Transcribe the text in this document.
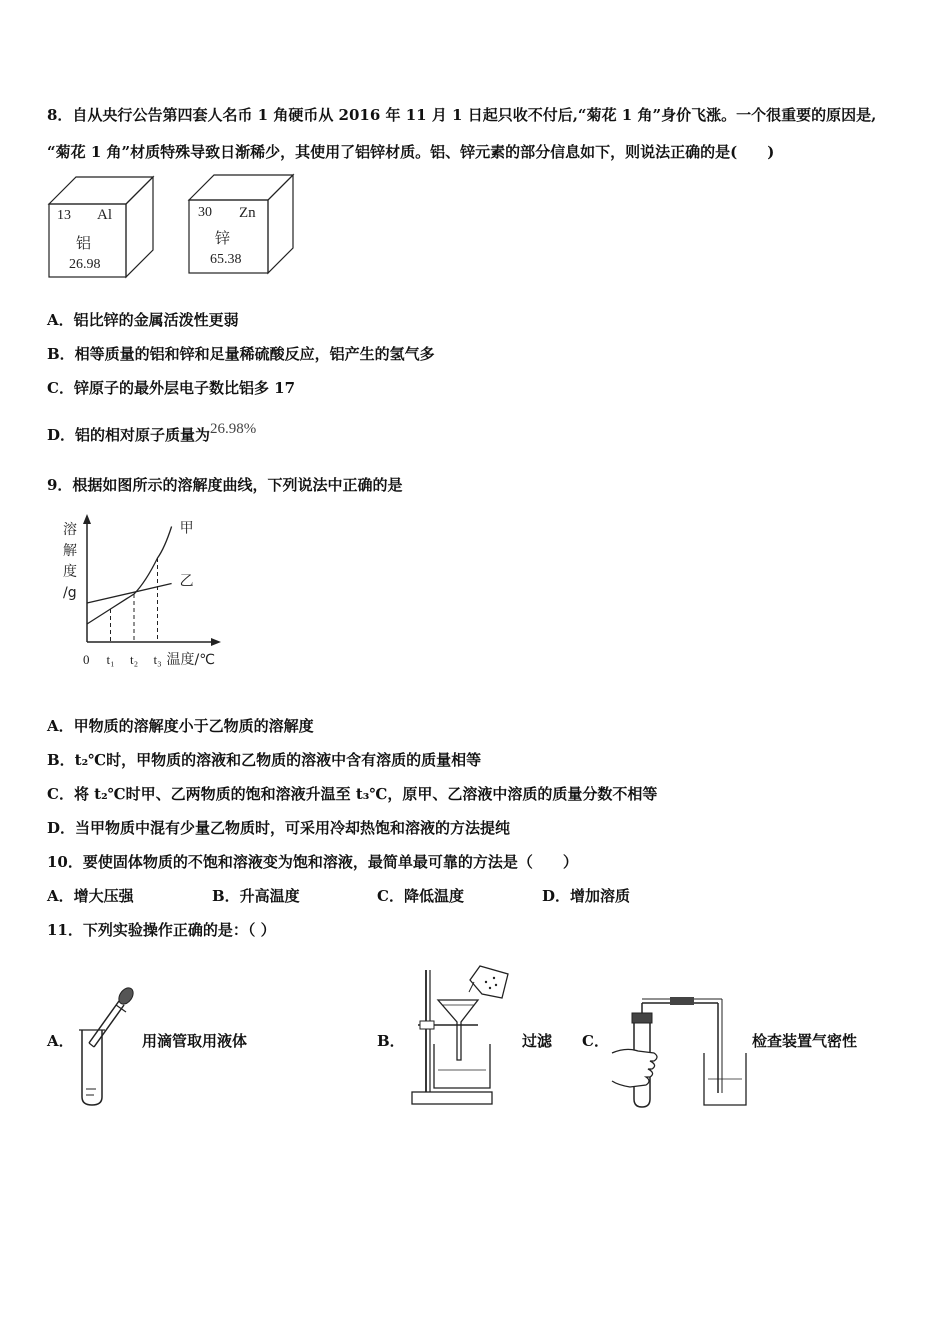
8．自从央行公告第四套人名币 1 角硬币从 2016 年 11 月 1 日起只收不付后,“菊花 1 角”身价飞涨。一个很重要的原因是,
“菊花 1 角”材质特殊导致日渐稀少，其使用了铝锌材质。铝、锌元素的部分信息如下，则说法正确的是(　　)
13 Al
铝
26.98
30 Zn
锌
65.38
A．铝比锌的金属活泼性更弱
B．相等质量的铝和锌和足量稀硫酸反应，铝产生的氢气多
C．锌原子的最外层电子数比铝多 17
D．铝的相对原子质量为26.98%
9．根据如图所示的溶解度曲线，下列说法中正确的是
溶
解
度
/g
0 t₁ t₂ t₃ 温度/℃
甲
乙
A．甲物质的溶解度小于乙物质的溶解度
B．t₂℃时，甲物质的溶液和乙物质的溶液中含有溶质的质量相等
C．将 t₂℃时甲、乙两物质的饱和溶液升温至 t₃℃，原甲、乙溶液中溶质的质量分数不相等
D．当甲物质中混有少量乙物质时，可采用冷却热饱和溶液的方法提纯
10．要使固体物质的不饱和溶液变为饱和溶液，最简单最可靠的方法是（　　）
A．增大压强	B．升高温度	C．降低温度	D．增加溶质
11．下列实验操作正确的是：（ ）
A．	用滴管取用液体	B．	过滤 C．	检查装置气密性
